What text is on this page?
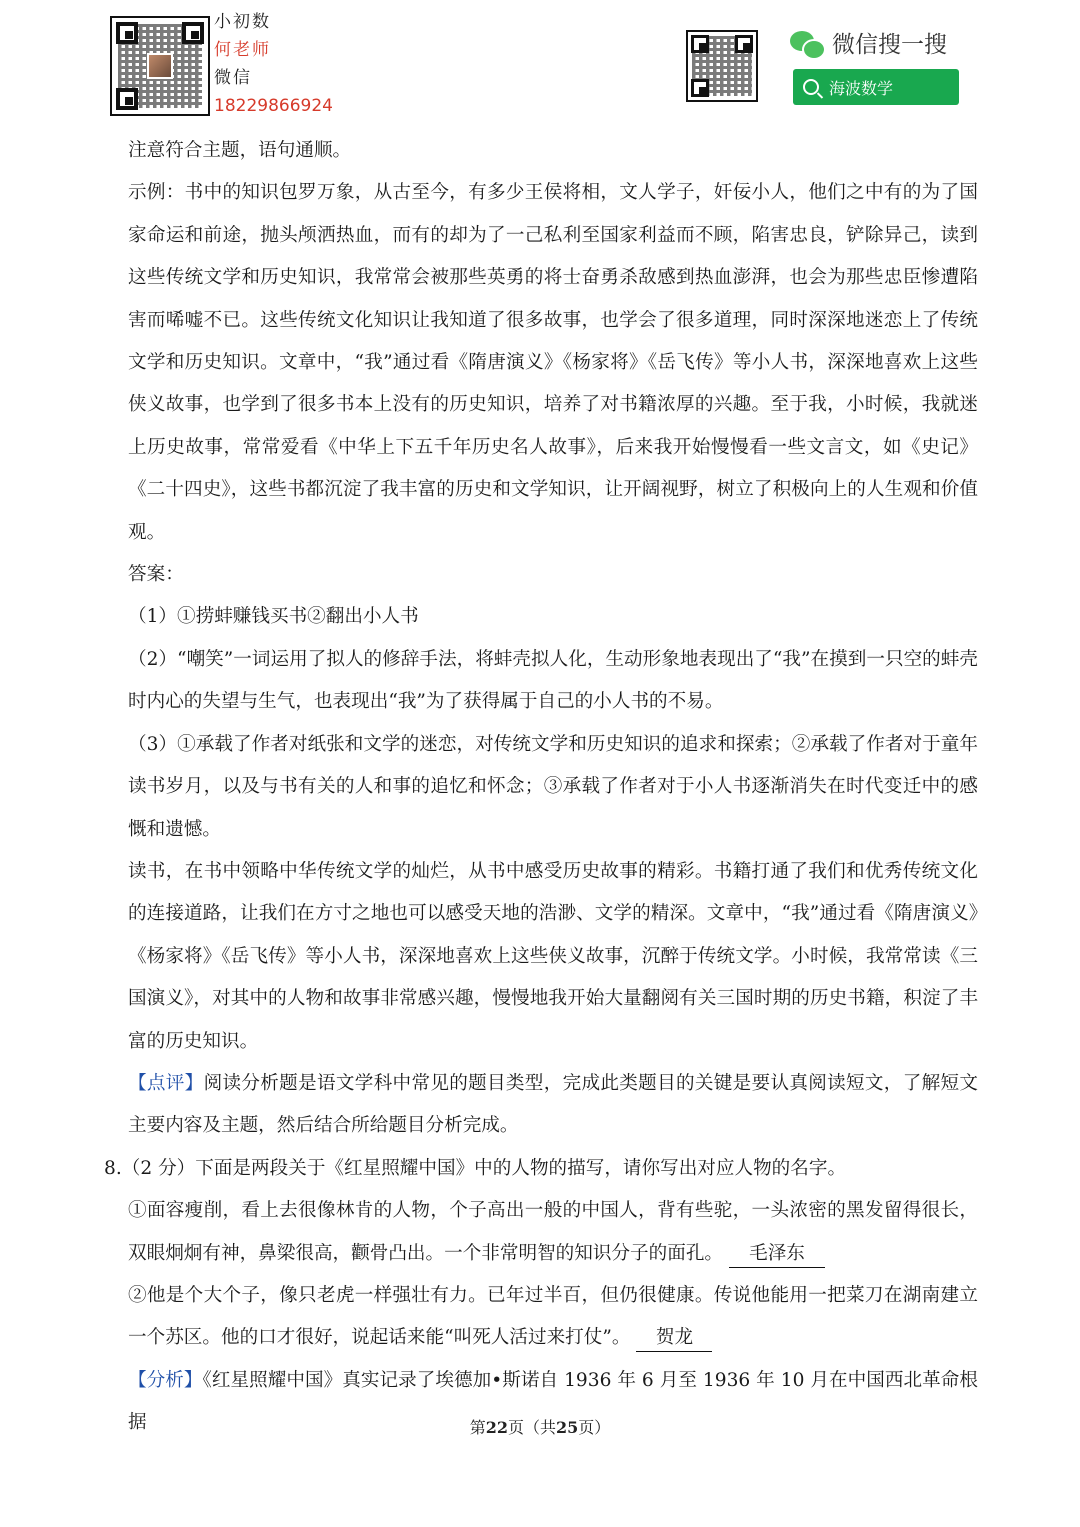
小初数
何老师
微信
18229866924
微信搜一搜
海波数学

注意符合主题，语句通顺。

示例：书中的知识包罗万象，从古至今，有多少王侯将相，文人学子，奸佞小人，他们之中有的为了国家命运和前途，抛头颅洒热血，而有的却为了一己私利至国家利益而不顾，陷害忠良，铲除异己，读到这些传统文学和历史知识，我常常会被那些英勇的将士奋勇杀敌感到热血澎湃，也会为那些忠臣惨遭陷害而唏嘘不已。这些传统文化知识让我知道了很多故事，也学会了很多道理，同时深深地迷恋上了传统文学和历史知识。文章中，“我”通过看《隋唐演义》《杨家将》《岳飞传》等小人书，深深地喜欢上这些侠义故事，也学到了很多书本上没有的历史知识，培养了对书籍浓厚的兴趣。至于我，小时候，我就迷上历史故事，常常爱看《中华上下五千年历史名人故事》，后来我开始慢慢看一些文言文，如《史记》《二十四史》，这些书都沉淀了我丰富的历史和文学知识，让开阔视野，树立了积极向上的人生观和价值观。

答案：

（1）①捞蚌赚钱买书②翻出小人书

（2）“嘲笑”一词运用了拟人的修辞手法，将蚌壳拟人化，生动形象地表现出了“我”在摸到一只空的蚌壳时内心的失望与生气，也表现出“我”为了获得属于自己的小人书的不易。

（3）①承载了作者对纸张和文学的迷恋，对传统文学和历史知识的追求和探索；②承载了作者对于童年读书岁月，以及与书有关的人和事的追忆和怀念；③承载了作者对于小人书逐渐消失在时代变迁中的感慨和遗憾。

读书，在书中领略中华传统文学的灿烂，从书中感受历史故事的精彩。书籍打通了我们和优秀传统文化的连接道路，让我们在方寸之地也可以感受天地的浩渺、文学的精深。文章中，“我”通过看《隋唐演义》《杨家将》《岳飞传》等小人书，深深地喜欢上这些侠义故事，沉醉于传统文学。小时候，我常常读《三国演义》，对其中的人物和故事非常感兴趣，慢慢地我开始大量翻阅有关三国时期的历史书籍，积淀了丰富的历史知识。

【点评】阅读分析题是语文学科中常见的题目类型，完成此类题目的关键是要认真阅读短文，了解短文主要内容及主题，然后结合所给题目分析完成。

8.（2 分）下面是两段关于《红星照耀中国》中的人物的描写，请你写出对应人物的名字。

①面容瘦削，看上去很像林肯的人物，个子高出一般的中国人，背有些驼，一头浓密的黑发留得很长，双眼炯炯有神，鼻梁很高，颧骨凸出。一个非常明智的知识分子的面孔。 毛泽东

②他是个大个子，像只老虎一样强壮有力。已年过半百，但仍很健康。传说他能用一把菜刀在湖南建立一个苏区。他的口才很好，说起话来能“叫死人活过来打仗”。 贺龙

【分析】《红星照耀中国》真实记录了埃德加•斯诺自 1936 年 6 月至 1936 年 10 月在中国西北革命根据	第22页（共25页）
